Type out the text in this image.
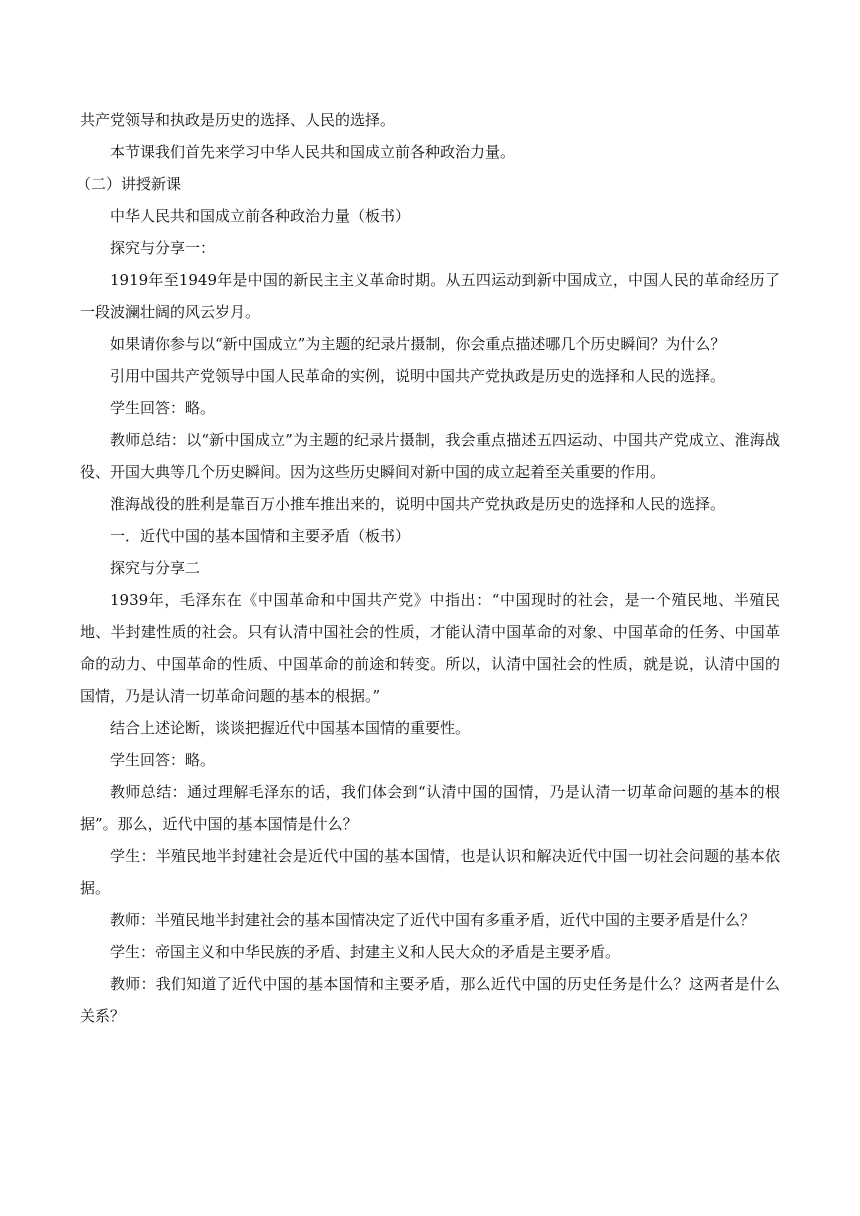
共产党领导和执政是历史的选择、人民的选择。

本节课我们首先来学习中华人民共和国成立前各种政治力量。

（二）讲授新课

中华人民共和国成立前各种政治力量（板书）

探究与分享一：

1919年至1949年是中国的新民主主义革命时期。从五四运动到新中国成立，中国人民的革命经历了一段波澜壮阔的风云岁月。

如果请你参与以“新中国成立”为主题的纪录片摄制，你会重点描述哪几个历史瞬间？为什么？

引用中国共产党领导中国人民革命的实例，说明中国共产党执政是历史的选择和人民的选择。

学生回答：略。

教师总结：以“新中国成立”为主题的纪录片摄制，我会重点描述五四运动、中国共产党成立、淮海战役、开国大典等几个历史瞬间。因为这些历史瞬间对新中国的成立起着至关重要的作用。

淮海战役的胜利是靠百万小推车推出来的，说明中国共产党执政是历史的选择和人民的选择。

一．近代中国的基本国情和主要矛盾（板书）

探究与分享二

1939年，毛泽东在《中国革命和中国共产党》中指出：“中国现时的社会，是一个殖民地、半殖民地、半封建性质的社会。只有认清中国社会的性质，才能认清中国革命的对象、中国革命的任务、中国革命的动力、中国革命的性质、中国革命的前途和转变。所以，认清中国社会的性质，就是说，认清中国的国情，乃是认清一切革命问题的基本的根据。”

结合上述论断，谈谈把握近代中国基本国情的重要性。

学生回答：略。

教师总结：通过理解毛泽东的话，我们体会到“认清中国的国情，乃是认清一切革命问题的基本的根据”。那么，近代中国的基本国情是什么？

学生：半殖民地半封建社会是近代中国的基本国情，也是认识和解决近代中国一切社会问题的基本依据。

教师：半殖民地半封建社会的基本国情决定了近代中国有多重矛盾，近代中国的主要矛盾是什么？

学生：帝国主义和中华民族的矛盾、封建主义和人民大众的矛盾是主要矛盾。

教师：我们知道了近代中国的基本国情和主要矛盾，那么近代中国的历史任务是什么？这两者是什么关系？
